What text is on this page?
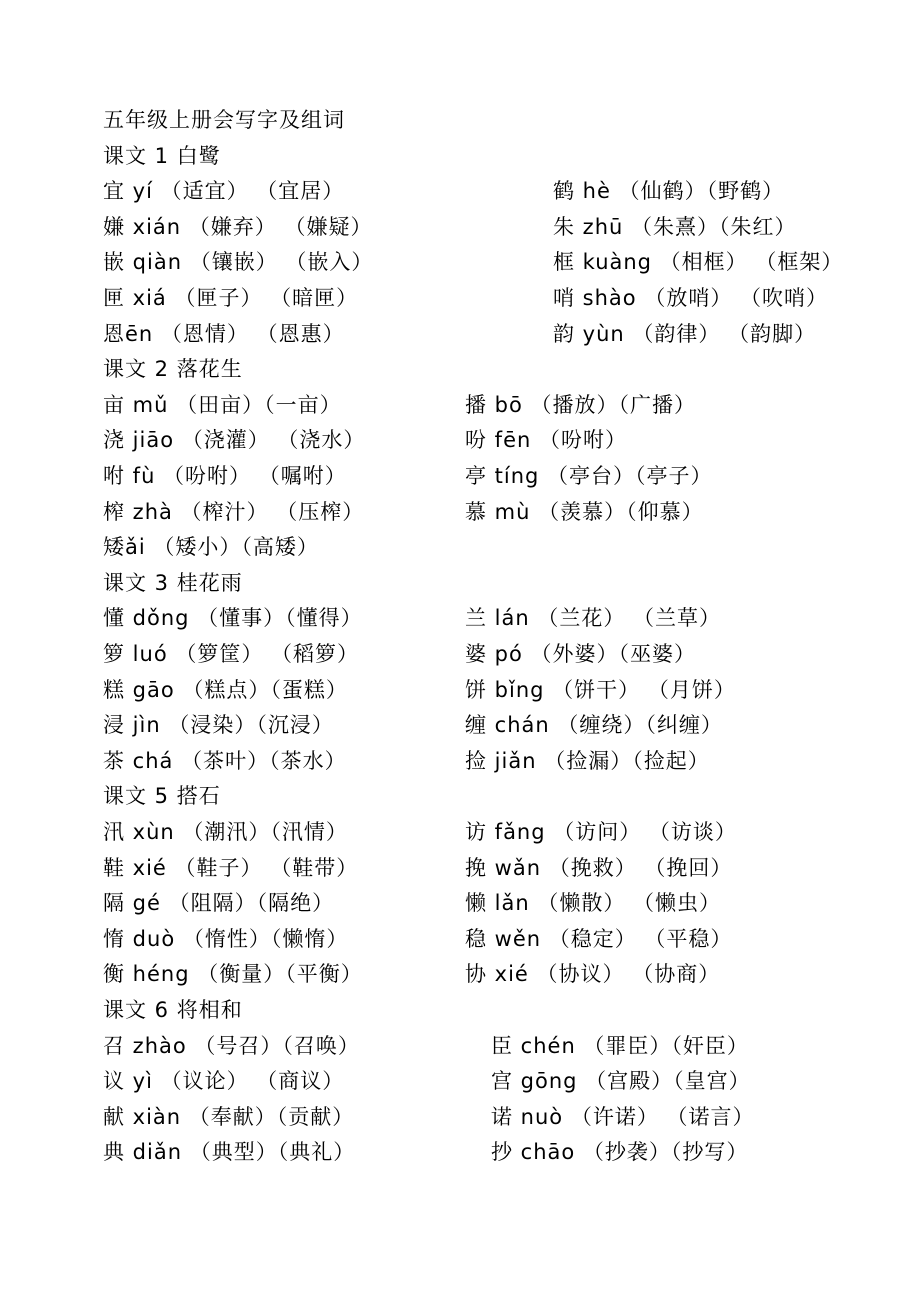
五年级上册会写字及组词
课文 1 白鹭
宜 yí （适宜） （宜居）	鹤 hè （仙鹤）（野鹤）
嫌 xián （嫌弃） （嫌疑）	朱 zhū （朱熹）（朱红）
嵌 qiàn （镶嵌） （嵌入）	框 kuàng （相框） （框架）
匣 xiá （匣子） （暗匣）	哨 shào （放哨） （吹哨）
恩ēn （恩情） （恩惠）	韵 yùn （韵律） （韵脚）
课文 2 落花生
亩 mǔ （田亩）（一亩）	播 bō （播放）（广播）
浇 jiāo （浇灌） （浇水）	吩 fēn （吩咐）
咐 fù （吩咐） （嘱咐）	亭 tíng （亭台）（亭子）
榨 zhà （榨汁） （压榨）	慕 mù （羡慕）（仰慕）
矮ǎi （矮小）（高矮）
课文 3 桂花雨
懂 dǒng （懂事）（懂得）	兰 lán （兰花） （兰草）
箩 luó （箩筐） （稻箩）	婆 pó （外婆）（巫婆）
糕 gāo （糕点）（蛋糕）	饼 bǐng （饼干） （月饼）
浸 jìn （浸染）（沉浸）	缠 chán （缠绕）（纠缠）
茶 chá （茶叶）（茶水）	捡 jiǎn （捡漏）（捡起）
课文 5 搭石
汛 xùn （潮汛）（汛情）	访 fǎng （访问） （访谈）
鞋 xié （鞋子） （鞋带）	挽 wǎn （挽救） （挽回）
隔 gé （阻隔）（隔绝）	懒 lǎn （懒散） （懒虫）
惰 duò （惰性）（懒惰）	稳 wěn （稳定） （平稳）
衡 héng （衡量）（平衡）	协 xié （协议） （协商）
课文 6 将相和
召 zhào （号召）（召唤）	臣 chén （罪臣）（奸臣）
议 yì （议论） （商议）	宫 gōng （宫殿）（皇宫）
献 xiàn （奉献）（贡献）	诺 nuò （许诺） （诺言）
典 diǎn （典型）（典礼）	抄 chāo （抄袭）（抄写）
